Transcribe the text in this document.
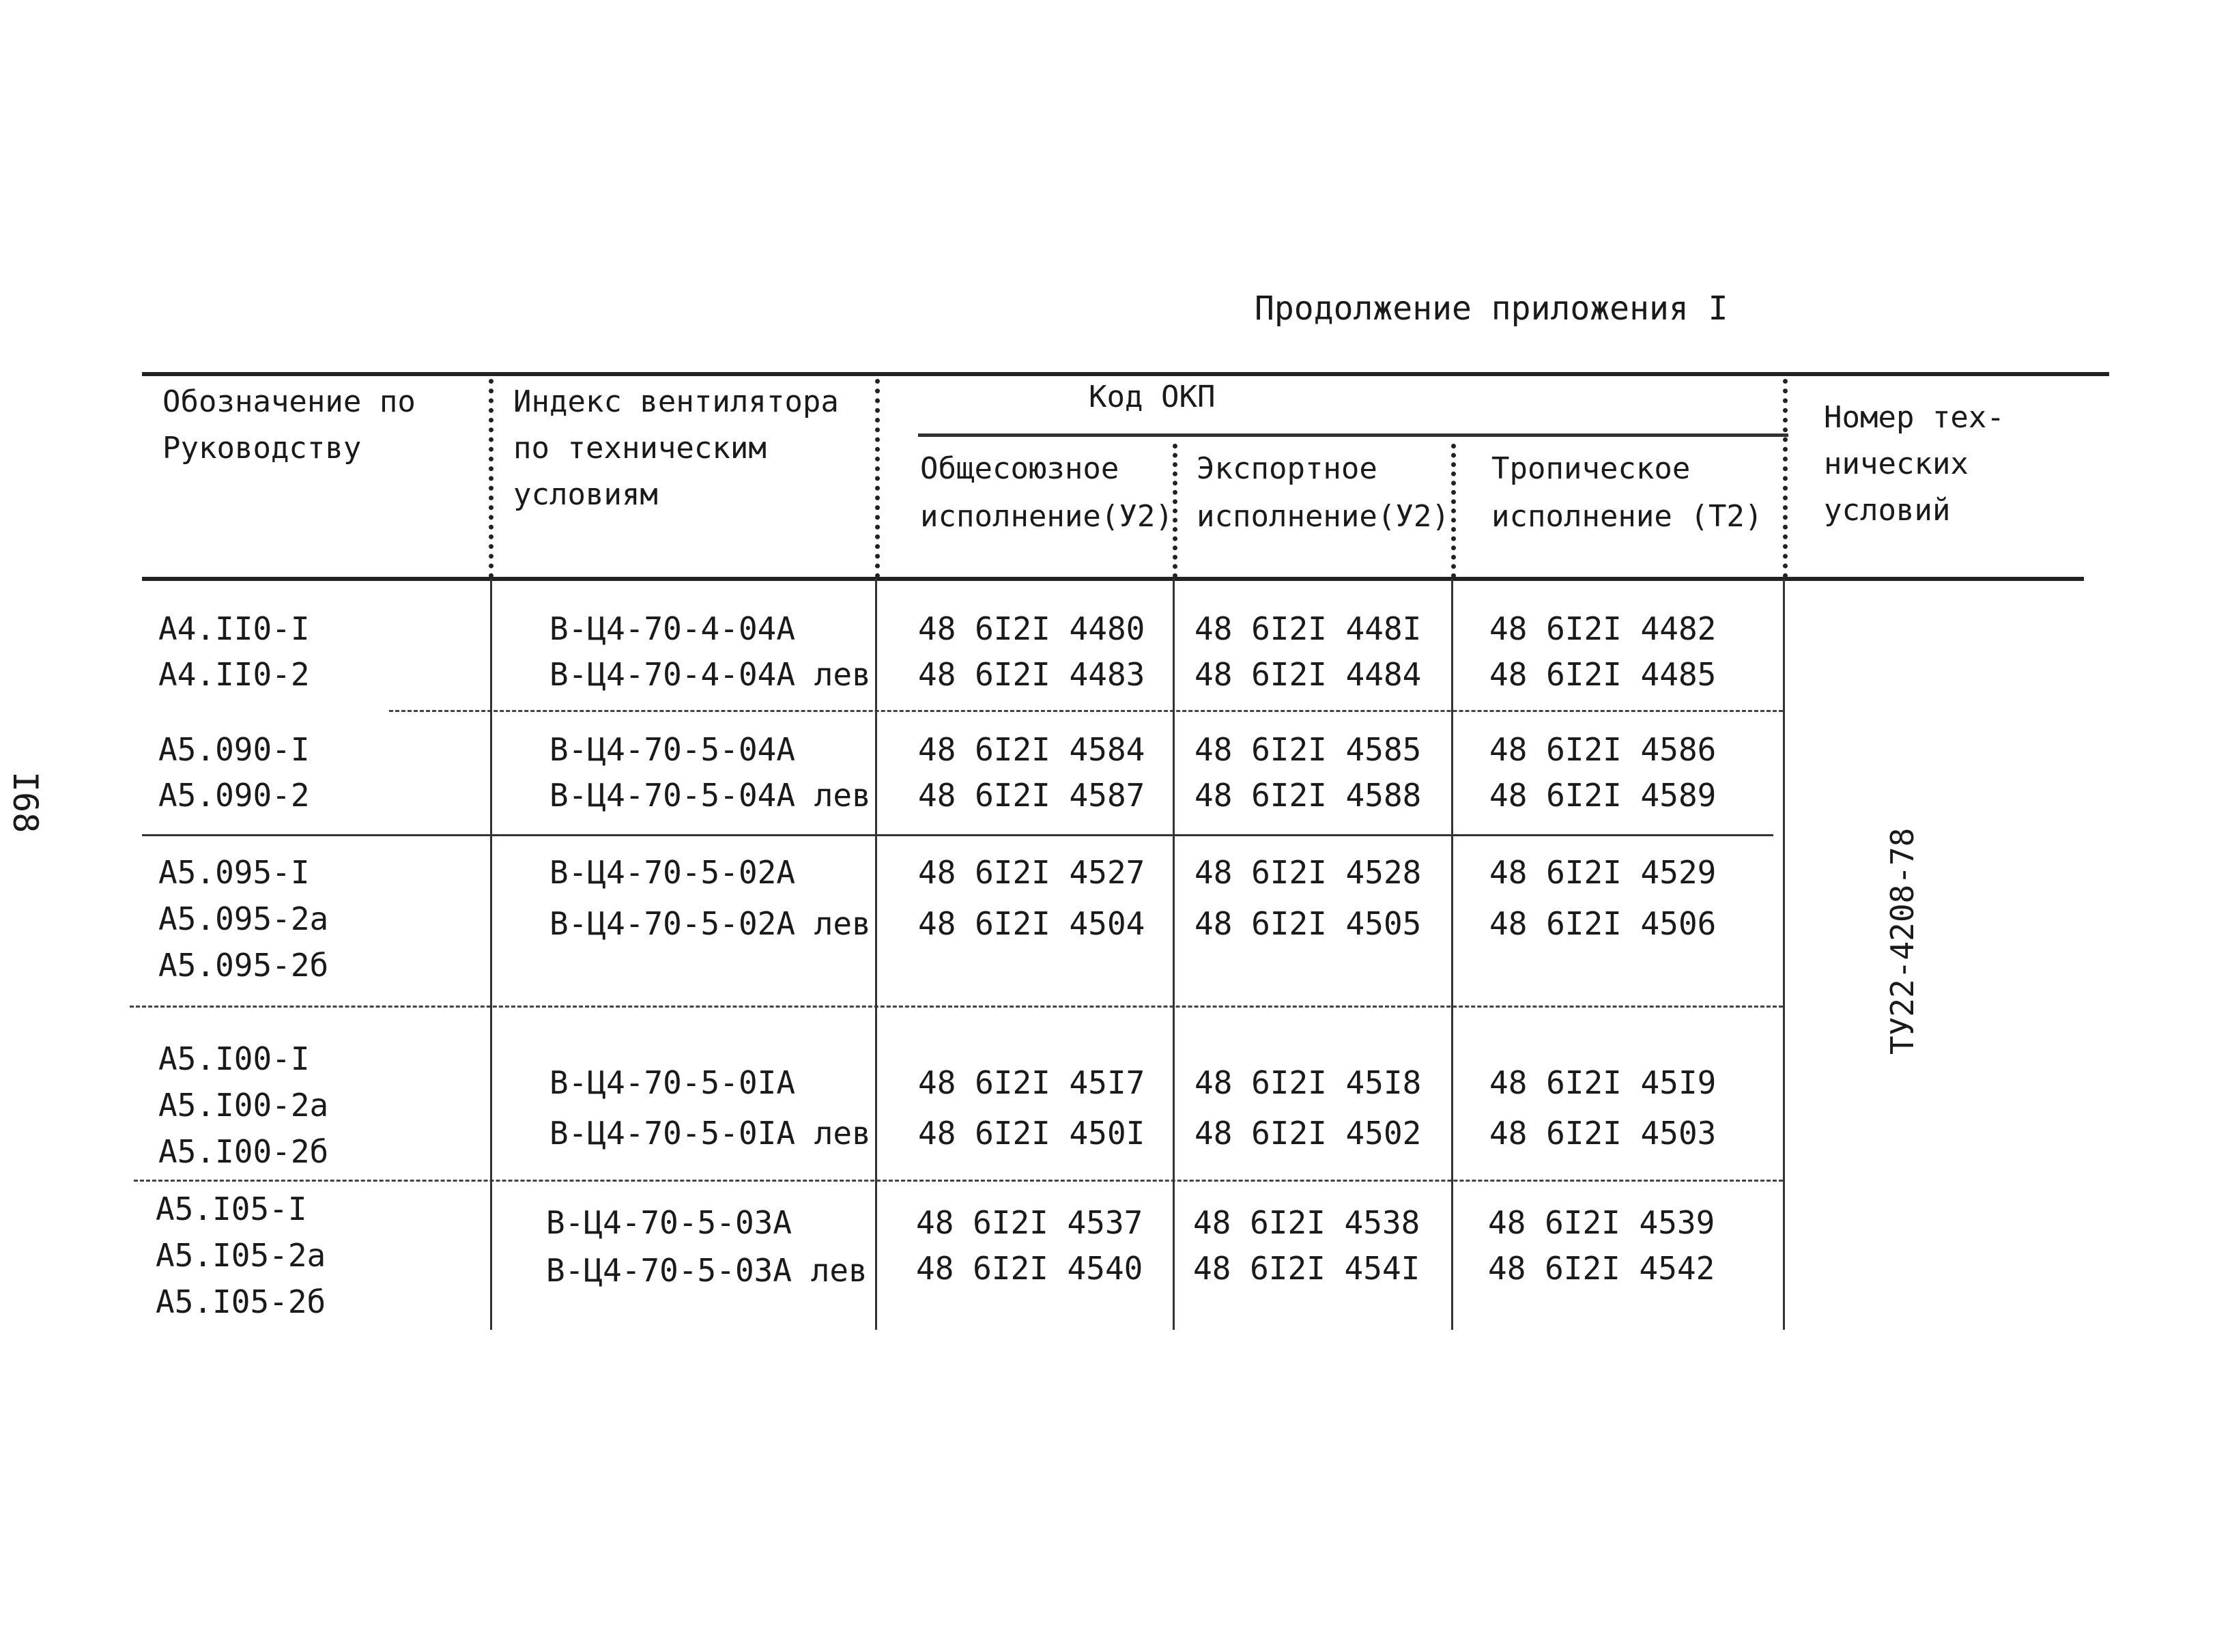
Продолжение приложения I
I68
Обозначение по
Руководству
Индекс вентилятора
по техническим
условиям
Код ОКП
Общесоюзное
исполнение(У2)
Экспортное
исполнение(У2)
Тропическое
исполнение (Т2)
Номер тех-
нических
условий
ТУ22-4208-78
А4.II0-I
А4.II0-2
В-Ц4-70-4-04А
В-Ц4-70-4-04А лев
48 6I2I 4480
48 6I2I 4483
48 6I2I 448I
48 6I2I 4484
48 6I2I 4482
48 6I2I 4485
А5.090-I
А5.090-2
В-Ц4-70-5-04А
В-Ц4-70-5-04А лев
48 6I2I 4584
48 6I2I 4587
48 6I2I 4585
48 6I2I 4588
48 6I2I 4586
48 6I2I 4589
А5.095-I
А5.095-2а
А5.095-2б
В-Ц4-70-5-02А
В-Ц4-70-5-02А лев
48 6I2I 4527
48 6I2I 4504
48 6I2I 4528
48 6I2I 4505
48 6I2I 4529
48 6I2I 4506
А5.I00-I
А5.I00-2а
А5.I00-2б
В-Ц4-70-5-0IА
В-Ц4-70-5-0IА лев
48 6I2I 45I7
48 6I2I 450I
48 6I2I 45I8
48 6I2I 4502
48 6I2I 45I9
48 6I2I 4503
А5.I05-I
А5.I05-2а
А5.I05-2б
В-Ц4-70-5-03А
В-Ц4-70-5-03А лев
48 6I2I 4537
48 6I2I 4540
48 6I2I 4538
48 6I2I 454I
48 6I2I 4539
48 6I2I 4542
